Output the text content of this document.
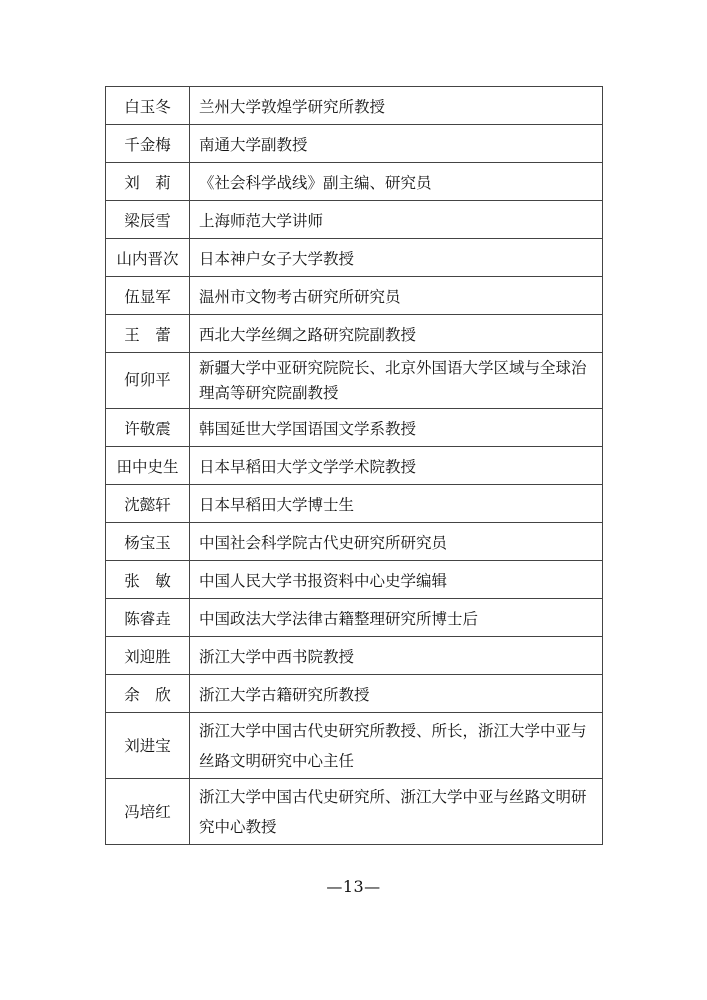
白玉冬	兰州大学敦煌学研究所教授
千金梅	南通大学副教授
刘　莉	《社会科学战线》副主编、研究员
梁辰雪	上海师范大学讲师
山内晋次	日本神户女子大学教授
伍显军	温州市文物考古研究所研究员
王　蕾	西北大学丝绸之路研究院副教授
何卯平	新疆大学中亚研究院院长、北京外国语大学区域与全球治理高等研究院副教授
许敬震	韩国延世大学国语国文学系教授
田中史生	日本早稻田大学文学学术院教授
沈懿轩	日本早稻田大学博士生
杨宝玉	中国社会科学院古代史研究所研究员
张　敏	中国人民大学书报资料中心史学编辑
陈睿垚	中国政法大学法律古籍整理研究所博士后
刘迎胜	浙江大学中西书院教授
余　欣	浙江大学古籍研究所教授
刘进宝	浙江大学中国古代史研究所教授、所长，浙江大学中亚与丝路文明研究中心主任
冯培红	浙江大学中国古代史研究所、浙江大学中亚与丝路文明研究中心教授
—13—
